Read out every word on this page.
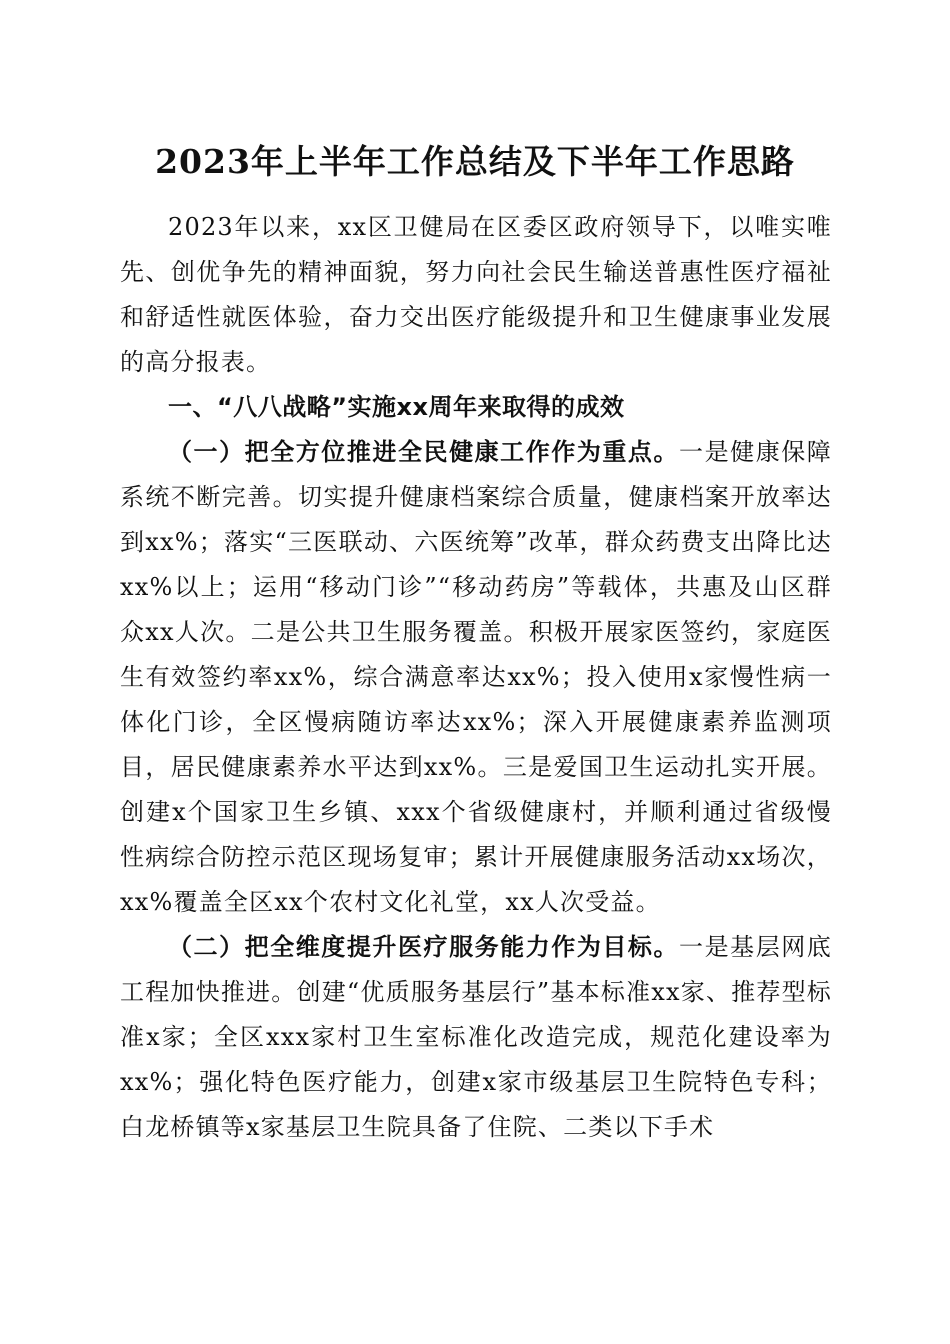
2023年上半年工作总结及下半年工作思路

2023年以来，xx区卫健局在区委区政府领导下，以唯实唯先、创优争先的精神面貌，努力向社会民生输送普惠性医疗福祉和舒适性就医体验，奋力交出医疗能级提升和卫生健康事业发展的高分报表。

一、“八八战略”实施xx周年来取得的成效

（一）把全方位推进全民健康工作作为重点。一是健康保障系统不断完善。切实提升健康档案综合质量，健康档案开放率达到xx%；落实“三医联动、六医统筹”改革，群众药费支出降比达xx%以上；运用“移动门诊”“移动药房”等载体，共惠及山区群众xx人次。二是公共卫生服务覆盖。积极开展家医签约，家庭医生有效签约率xx%，综合满意率达xx%；投入使用x家慢性病一体化门诊，全区慢病随访率达xx%；深入开展健康素养监测项目，居民健康素养水平达到xx%。三是爱国卫生运动扎实开展。创建x个国家卫生乡镇、xxx个省级健康村，并顺利通过省级慢性病综合防控示范区现场复审；累计开展健康服务活动xx场次，xx%覆盖全区xx个农村文化礼堂，xx人次受益。

（二）把全维度提升医疗服务能力作为目标。一是基层网底工程加快推进。创建“优质服务基层行”基本标准xx家、推荐型标准x家；全区xxx家村卫生室标准化改造完成，规范化建设率为xx%；强化特色医疗能力，创建x家市级基层卫生院特色专科；白龙桥镇等x家基层卫生院具备了住院、二类以下手术
